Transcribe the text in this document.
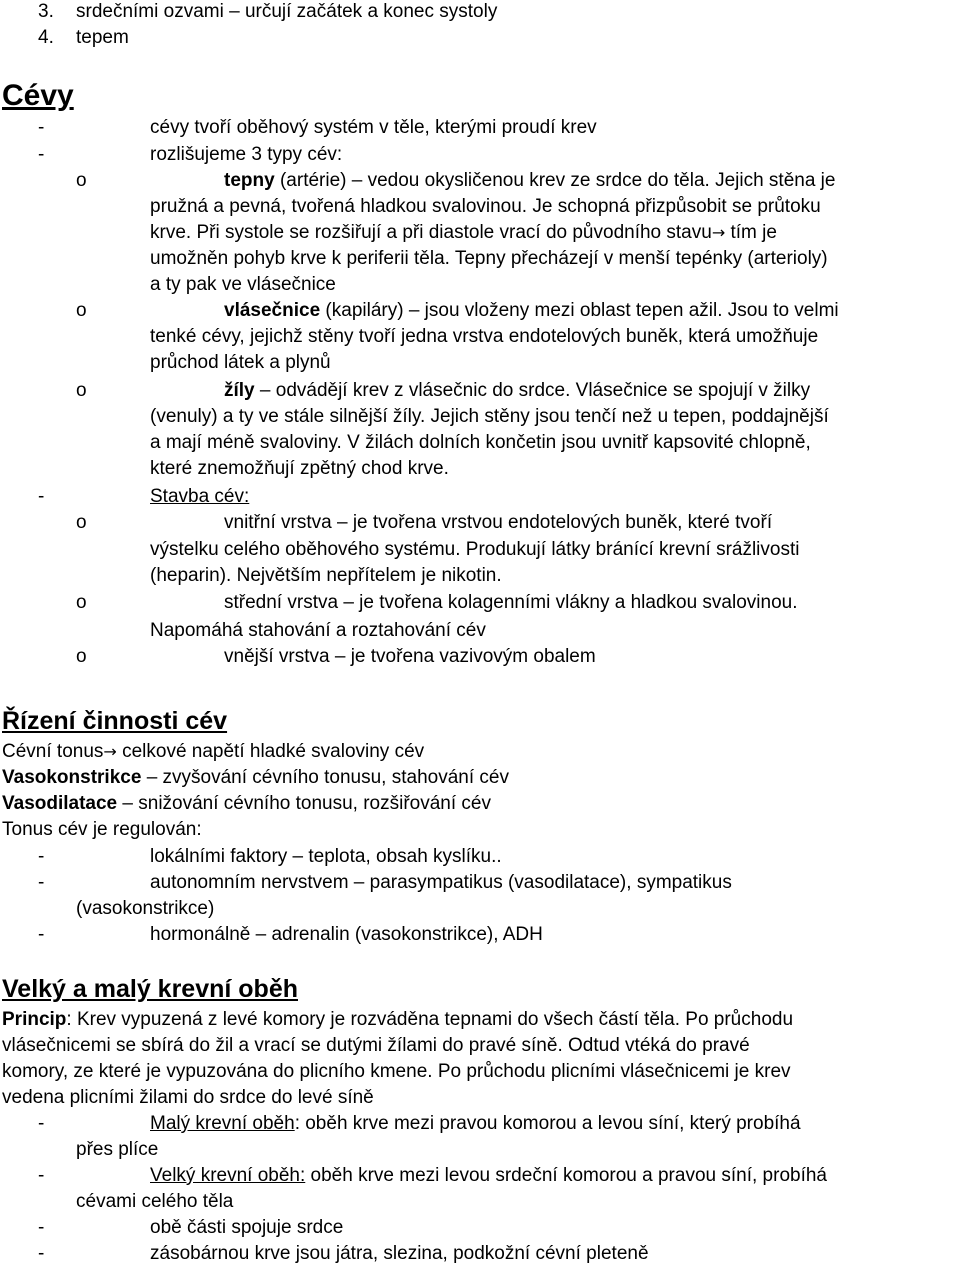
3. srdečními ozvami – určují začátek a konec systoly
4. tepem
Cévy
-	cévy tvoří oběhový systém v těle, kterými proudí krev
-	rozlišujeme 3 typy cév:
o	tepny (artérie) – vedou okysličenou krev ze srdce do těla. Jejich stěna je
pružná a pevná, tvořená hladkou svalovinou. Je schopná přizpůsobit se průtoku
krve. Při systole se rozšiřují a při diastole vrací do původního stavu→ tím je
umožněn pohyb krve k periferii těla. Tepny přecházejí v menší tepénky (arterioly)
a ty pak ve vlásečnice
o	vlásečnice (kapiláry) – jsou vloženy mezi oblast tepen ažil. Jsou to velmi
tenké cévy, jejichž stěny tvoří jedna vrstva endotelových buněk, která umožňuje
průchod látek a plynů
o	žíly – odvádějí krev z vlásečnic do srdce. Vlásečnice se spojují v žilky
(venuly) a ty ve stále silnější žíly. Jejich stěny jsou tenčí než u tepen, poddajnější
a mají méně svaloviny. V žilách dolních končetin jsou uvnitř kapsovité chlopně,
které znemožňují zpětný chod krve.
-	Stavba cév:
o	vnitřní vrstva – je tvořena vrstvou endotelových buněk, které tvoří
výstelku celého oběhového systému. Produkují látky bránící krevní srážlivosti
(heparin). Největším nepřítelem je nikotin.
o	střední vrstva – je tvořena kolagenními vlákny a hladkou svalovinou.
Napomáhá stahování a roztahování cév
o	vnější vrstva – je tvořena vazivovým obalem
Řízení činnosti cév
Cévní tonus→ celkové napětí hladké svaloviny cév
Vasokonstrikce – zvyšování cévního tonusu, stahování cév
Vasodilatace – snižování cévního tonusu, rozšiřování cév
Tonus cév je regulován:
-	lokálními faktory – teplota, obsah kyslíku..
-	autonomním nervstvem – parasympatikus (vasodilatace), sympatikus
(vasokonstrikce)
-	hormonálně – adrenalin (vasokonstrikce), ADH
Velký a malý krevní oběh
Princip: Krev vypuzená z levé komory je rozváděna tepnami do všech částí těla. Po průchodu
vlásečnicemi se sbírá do žil a vrací se dutými žílami do pravé síně. Odtud vtéká do pravé
komory, ze které je vypuzována do plicního kmene. Po průchodu plicními vlásečnicemi je krev
vedena plicními žilami do srdce do levé síně
-	Malý krevní oběh: oběh krve mezi pravou komorou a levou síní, který probíhá
přes plíce
-	Velký krevní oběh: oběh krve mezi levou srdeční komorou a pravou síní, probíhá
cévami celého těla
-	obě části spojuje srdce
-	zásobárnou krve jsou játra, slezina, podkožní cévní pleteně
